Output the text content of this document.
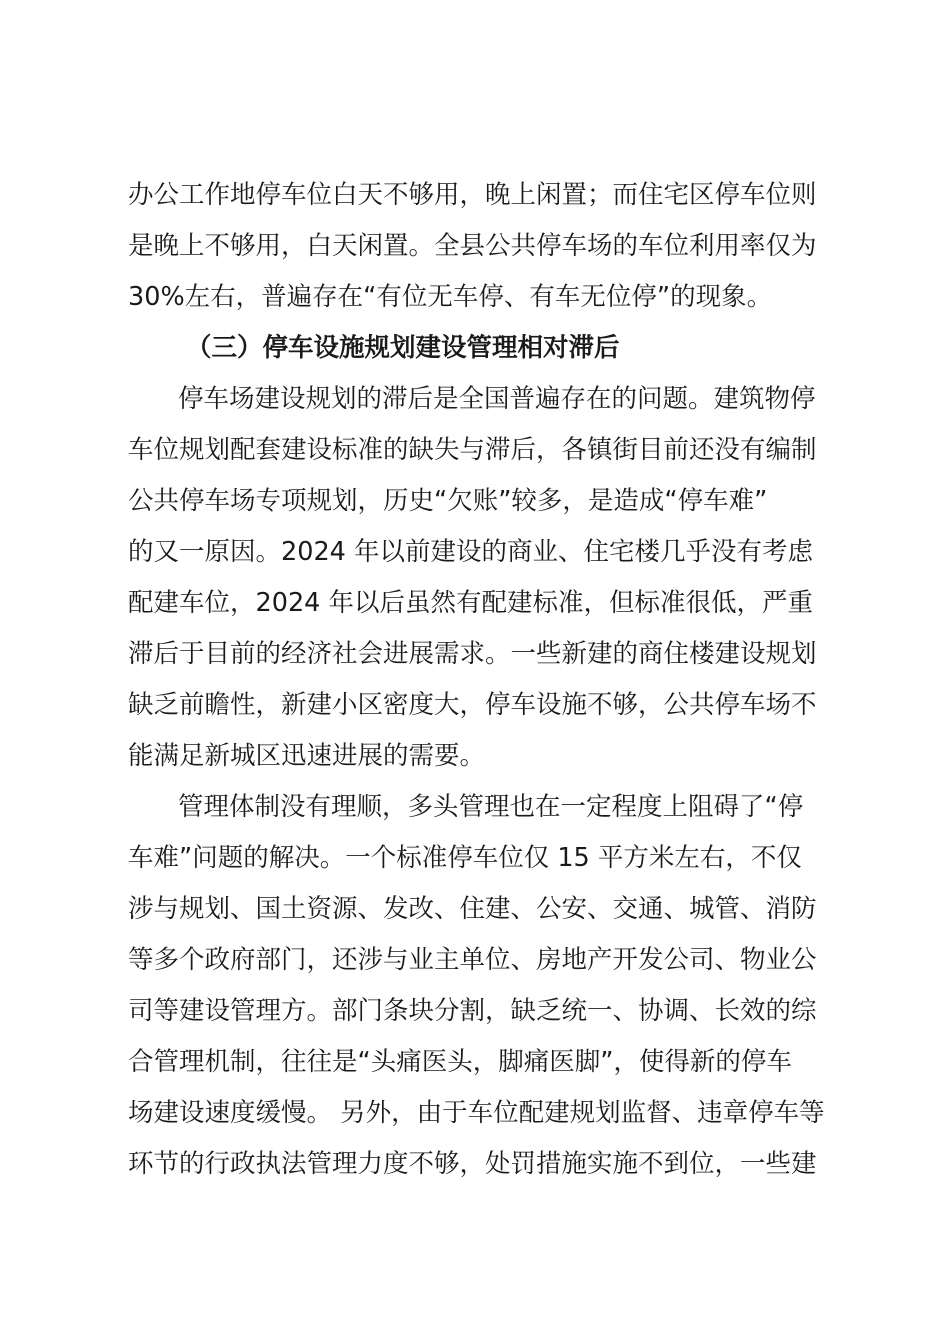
办公工作地停车位白天不够用，晚上闲置；而住宅区停车位则
是晚上不够用，白天闲置。全县公共停车场的车位利用率仅为
30%左右，普遍存在“有位无车停、有车无位停”的现象。
（三）停车设施规划建设管理相对滞后
停车场建设规划的滞后是全国普遍存在的问题。建筑物停
车位规划配套建设标准的缺失与滞后，各镇街目前还没有编制
公共停车场专项规划，历史“欠账”较多，是造成“停车难”
的又一原因。2024 年以前建设的商业、住宅楼几乎没有考虑
配建车位，2024 年以后虽然有配建标准，但标准很低，严重
滞后于目前的经济社会进展需求。一些新建的商住楼建设规划
缺乏前瞻性，新建小区密度大，停车设施不够，公共停车场不
能满足新城区迅速进展的需要。
管理体制没有理顺，多头管理也在一定程度上阻碍了“停
车难”问题的解决。一个标准停车位仅 15 平方米左右，不仅
涉与规划、国土资源、发改、住建、公安、交通、城管、消防
等多个政府部门，还涉与业主单位、房地产开发公司、物业公
司等建设管理方。部门条块分割，缺乏统一、协调、长效的综
合管理机制，往往是“头痛医头，脚痛医脚”，使得新的停车
场建设速度缓慢。 另外，由于车位配建规划监督、违章停车等
环节的行政执法管理力度不够，处罚措施实施不到位，一些建
